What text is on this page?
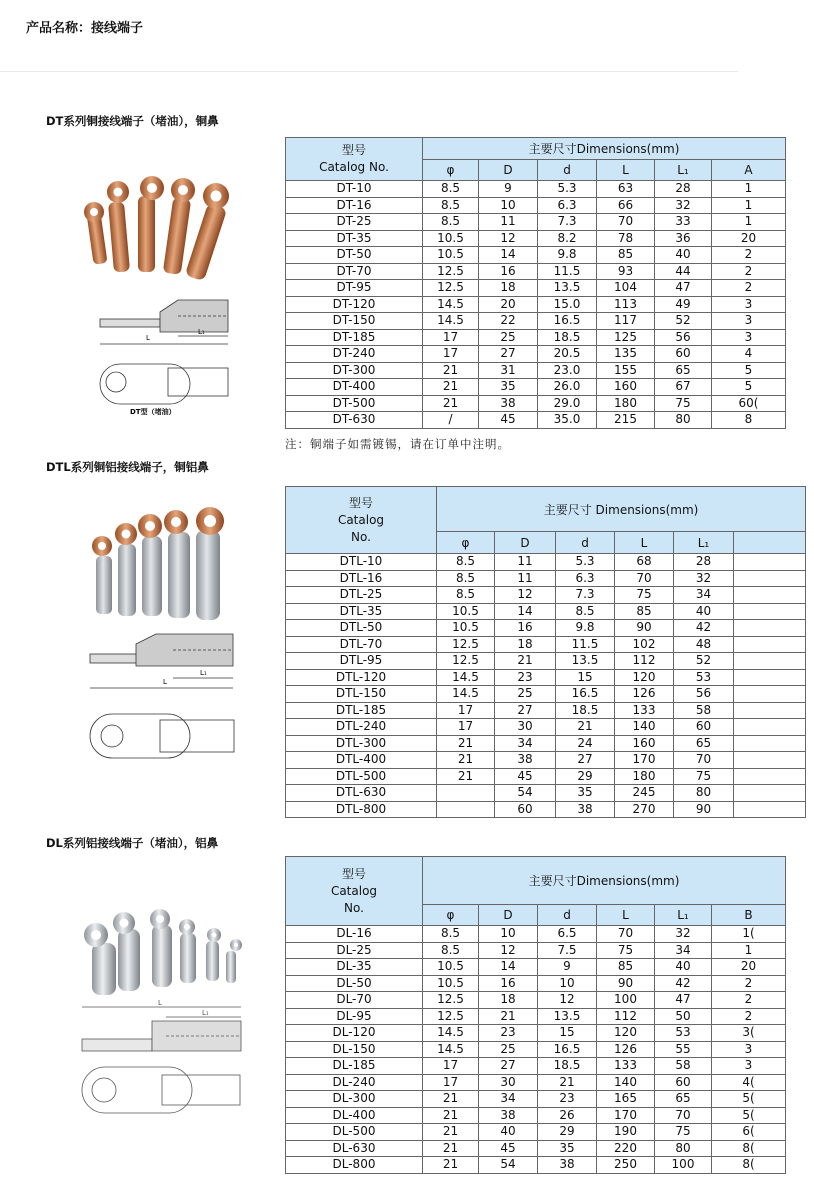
产品名称：接线端子
DT系列铜接线端子（堵油），铜鼻
L
L₁
DT型（堵油）
型号
Catalog No.	主要尺寸Dimensions(mm)					
	φ	D	d	L	L₁	A
DT-10	8.5	9	5.3	63	28	1
DT-16	8.5	10	6.3	66	32	1
DT-25	8.5	11	7.3	70	33	1
DT-35	10.5	12	8.2	78	36	20
DT-50	10.5	14	9.8	85	40	2
DT-70	12.5	16	11.5	93	44	2
DT-95	12.5	18	13.5	104	47	2
DT-120	14.5	20	15.0	113	49	3
DT-150	14.5	22	16.5	117	52	3
DT-185	17	25	18.5	125	56	3
DT-240	17	27	20.5	135	60	4
DT-300	21	31	23.0	155	65	5
DT-400	21	35	26.0	160	67	5
DT-500	21	38	29.0	180	75	60(
DT-630	/	45	35.0	215	80	8
注：铜端子如需镀锡，请在订单中注明。
DTL系列铜铝接线端子，铜铝鼻
L
L₁
型号
Catalog
No.	主要尺寸 Dimensions(mm)					
	φ	D	d	L	L₁	
DTL-10	8.5	11	5.3	68	28	
DTL-16	8.5	11	6.3	70	32	
DTL-25	8.5	12	7.3	75	34	
DTL-35	10.5	14	8.5	85	40	
DTL-50	10.5	16	9.8	90	42	
DTL-70	12.5	18	11.5	102	48	
DTL-95	12.5	21	13.5	112	52	
DTL-120	14.5	23	15	120	53	
DTL-150	14.5	25	16.5	126	56	
DTL-185	17	27	18.5	133	58	
DTL-240	17	30	21	140	60	
DTL-300	21	34	24	160	65	
DTL-400	21	38	27	170	70	
DTL-500	21	45	29	180	75	
DTL-630		54	35	245	80	
DTL-800		60	38	270	90	
DL系列铝接线端子（堵油），铝鼻
L
L₁
型号
Catalog
No.	主要尺寸Dimensions(mm)					
	φ	D	d	L	L₁	B
DL-16	8.5	10	6.5	70	32	1(
DL-25	8.5	12	7.5	75	34	1
DL-35	10.5	14	9	85	40	20
DL-50	10.5	16	10	90	42	2
DL-70	12.5	18	12	100	47	2
DL-95	12.5	21	13.5	112	50	2
DL-120	14.5	23	15	120	53	3(
DL-150	14.5	25	16.5	126	55	3
DL-185	17	27	18.5	133	58	3
DL-240	17	30	21	140	60	4(
DL-300	21	34	23	165	65	5(
DL-400	21	38	26	170	70	5(
DL-500	21	40	29	190	75	6(
DL-630	21	45	35	220	80	8(
DL-800	21	54	38	250	100	8(
